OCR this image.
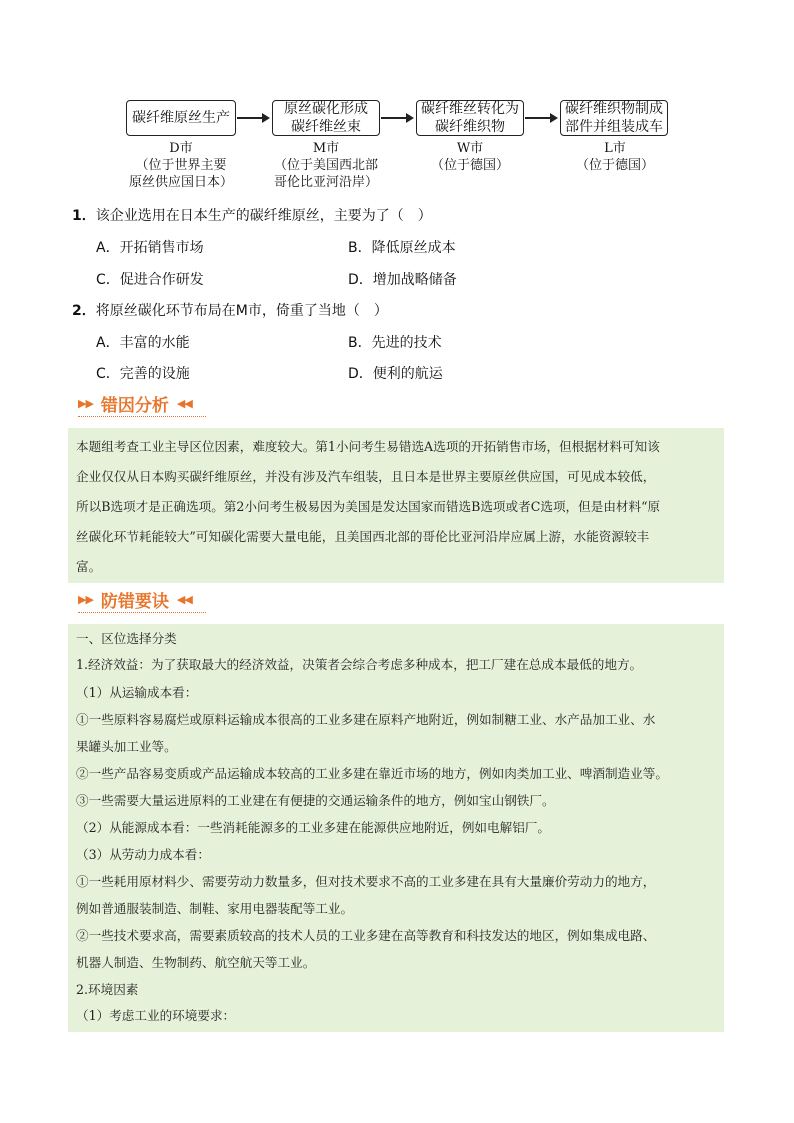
碳纤维原丝生产
原丝碳化形成
碳纤维丝束
碳纤维丝转化为
碳纤维织物
碳纤维织物制成
部件并组装成车
D市
（位于世界主要
原丝供应国日本）
M市
（位于美国西北部
哥伦比亚河沿岸）
W市
（位于德国）
L市
（位于德国）
1．该企业选用在日本生产的碳纤维原丝，主要为了（　）
A．开拓销售市场	B．降低原丝成本
C．促进合作研发	D．增加战略储备
2．将原丝碳化环节布局在M市，倚重了当地（　）
A．丰富的水能	B．先进的技术
C．完善的设施	D．便利的航运
▶▶ 错因分析 ◀◀
本题组考查工业主导区位因素，难度较大。第1小问考生易错选A选项的开拓销售市场，但根据材料可知该
企业仅仅从日本购买碳纤维原丝，并没有涉及汽车组装，且日本是世界主要原丝供应国，可见成本较低，
所以B选项才是正确选项。第2小问考生极易因为美国是发达国家而错选B选项或者C选项，但是由材料“原
丝碳化环节耗能较大”可知碳化需要大量电能，且美国西北部的哥伦比亚河沿岸应属上游，水能资源较丰
富。
▶▶ 防错要诀 ◀◀
一、区位选择分类
1.经济效益：为了获取最大的经济效益，决策者会综合考虑多种成本，把工厂建在总成本最低的地方。
（1）从运输成本看：
①一些原料容易腐烂或原料运输成本很高的工业多建在原料产地附近，例如制糖工业、水产品加工业、水
果罐头加工业等。
②一些产品容易变质或产品运输成本较高的工业多建在靠近市场的地方，例如肉类加工业、啤酒制造业等。
③一些需要大量运进原料的工业建在有便捷的交通运输条件的地方，例如宝山钢铁厂。
（2）从能源成本看：一些消耗能源多的工业多建在能源供应地附近，例如电解铝厂。
（3）从劳动力成本看：
①一些耗用原材料少、需要劳动力数量多，但对技术要求不高的工业多建在具有大量廉价劳动力的地方，
例如普通服装制造、制鞋、家用电器装配等工业。
②一些技术要求高，需要素质较高的技术人员的工业多建在高等教育和科技发达的地区，例如集成电路、
机器人制造、生物制药、航空航天等工业。
2.环境因素
（1）考虑工业的环境要求：
